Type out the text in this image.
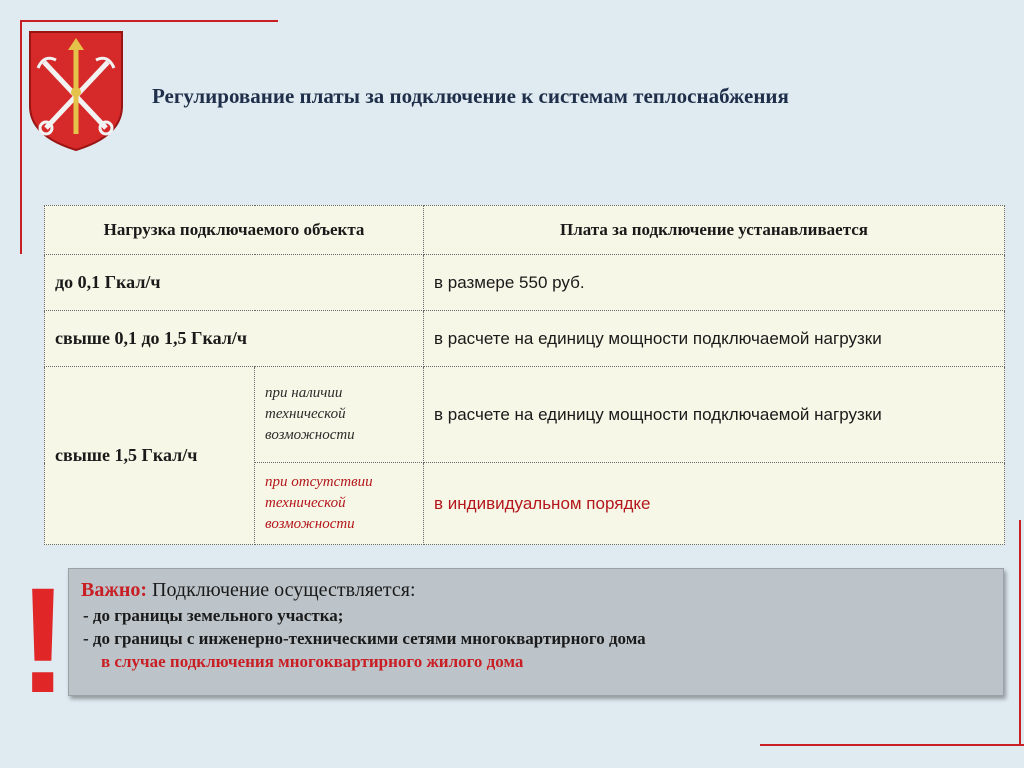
Регулирование платы за подключение к системам теплоснабжения
Нагрузка подключаемого объекта		Плата за подключение устанавливается
до 0,1 Гкал/ч		в размере 550 руб.
свыше 0,1 до 1,5 Гкал/ч		в расчете на единицу мощности подключаемой нагрузки
свыше 1,5 Гкал/ч	при наличии технической возможности	в расчете на единицу мощности подключаемой нагрузки
	при отсутствии технической возможности	в индивидуальном порядке
! Важно: Подключение осуществляется:
- до границы земельного участка;
- до границы с инженерно-техническими сетями многоквартирного дома
в случае подключения многоквартирного жилого дома
